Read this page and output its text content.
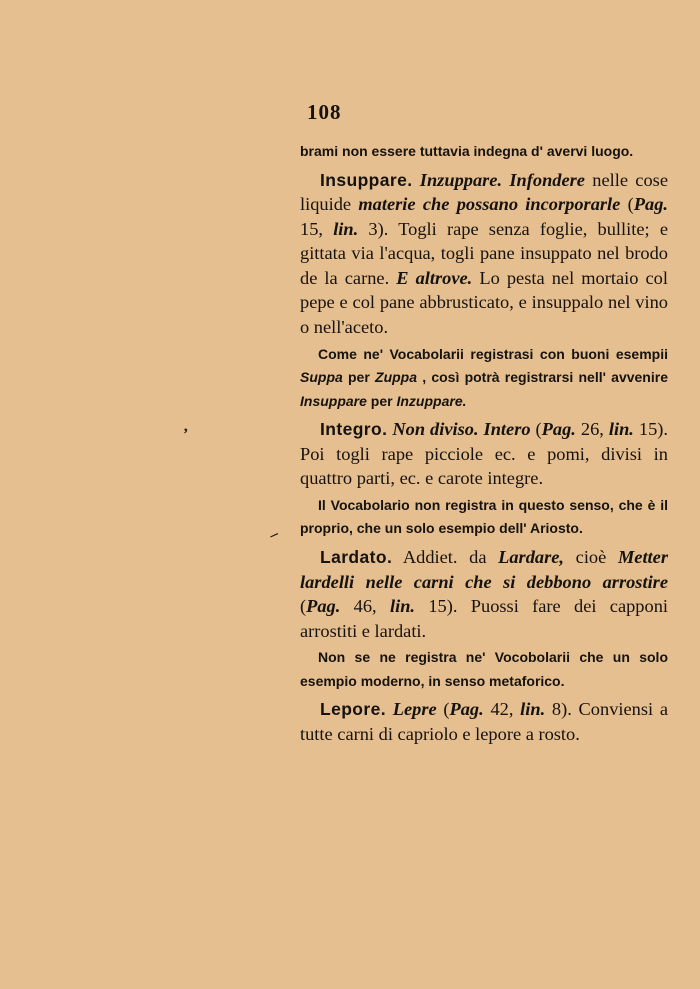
108
’
‒

brami non essere tuttavia indegna d' avervi luogo.

Insuppare. Inzuppare. Infondere nelle cose liquide materie che possano incorporarle (Pag. 15, lin. 3). Togli rape senza foglie, bullite; e gittata via l'acqua, togli pane insuppato nel brodo de la carne. E altrove. Lo pesta nel mortaio col pepe e col pane abbrusticato, e insuppalo nel vino o nell'aceto.

Come ne' Vocabolarii registrasi con buoni esempii Suppa per Zuppa , così potrà registrarsi nell' avvenire Insuppare per Inzuppare.

Integro. Non diviso. Intero (Pag. 26, lin. 15). Poi togli rape picciole ec. e pomi, divisi in quattro parti, ec. e carote integre.

Il Vocabolario non registra in questo senso, che è il proprio, che un solo esempio dell' Ariosto.

Lardato. Addiet. da Lardare, cioè Metter lardelli nelle carni che si debbono arrostire (Pag. 46, lin. 15). Puossi fare dei capponi arrostiti e lardati.

Non se ne registra ne' Vocobolarii che un solo esempio moderno, in senso metaforico.

Lepore. Lepre (Pag. 42, lin. 8). Conviensi a tutte carni di capriolo e lepore a rosto.
